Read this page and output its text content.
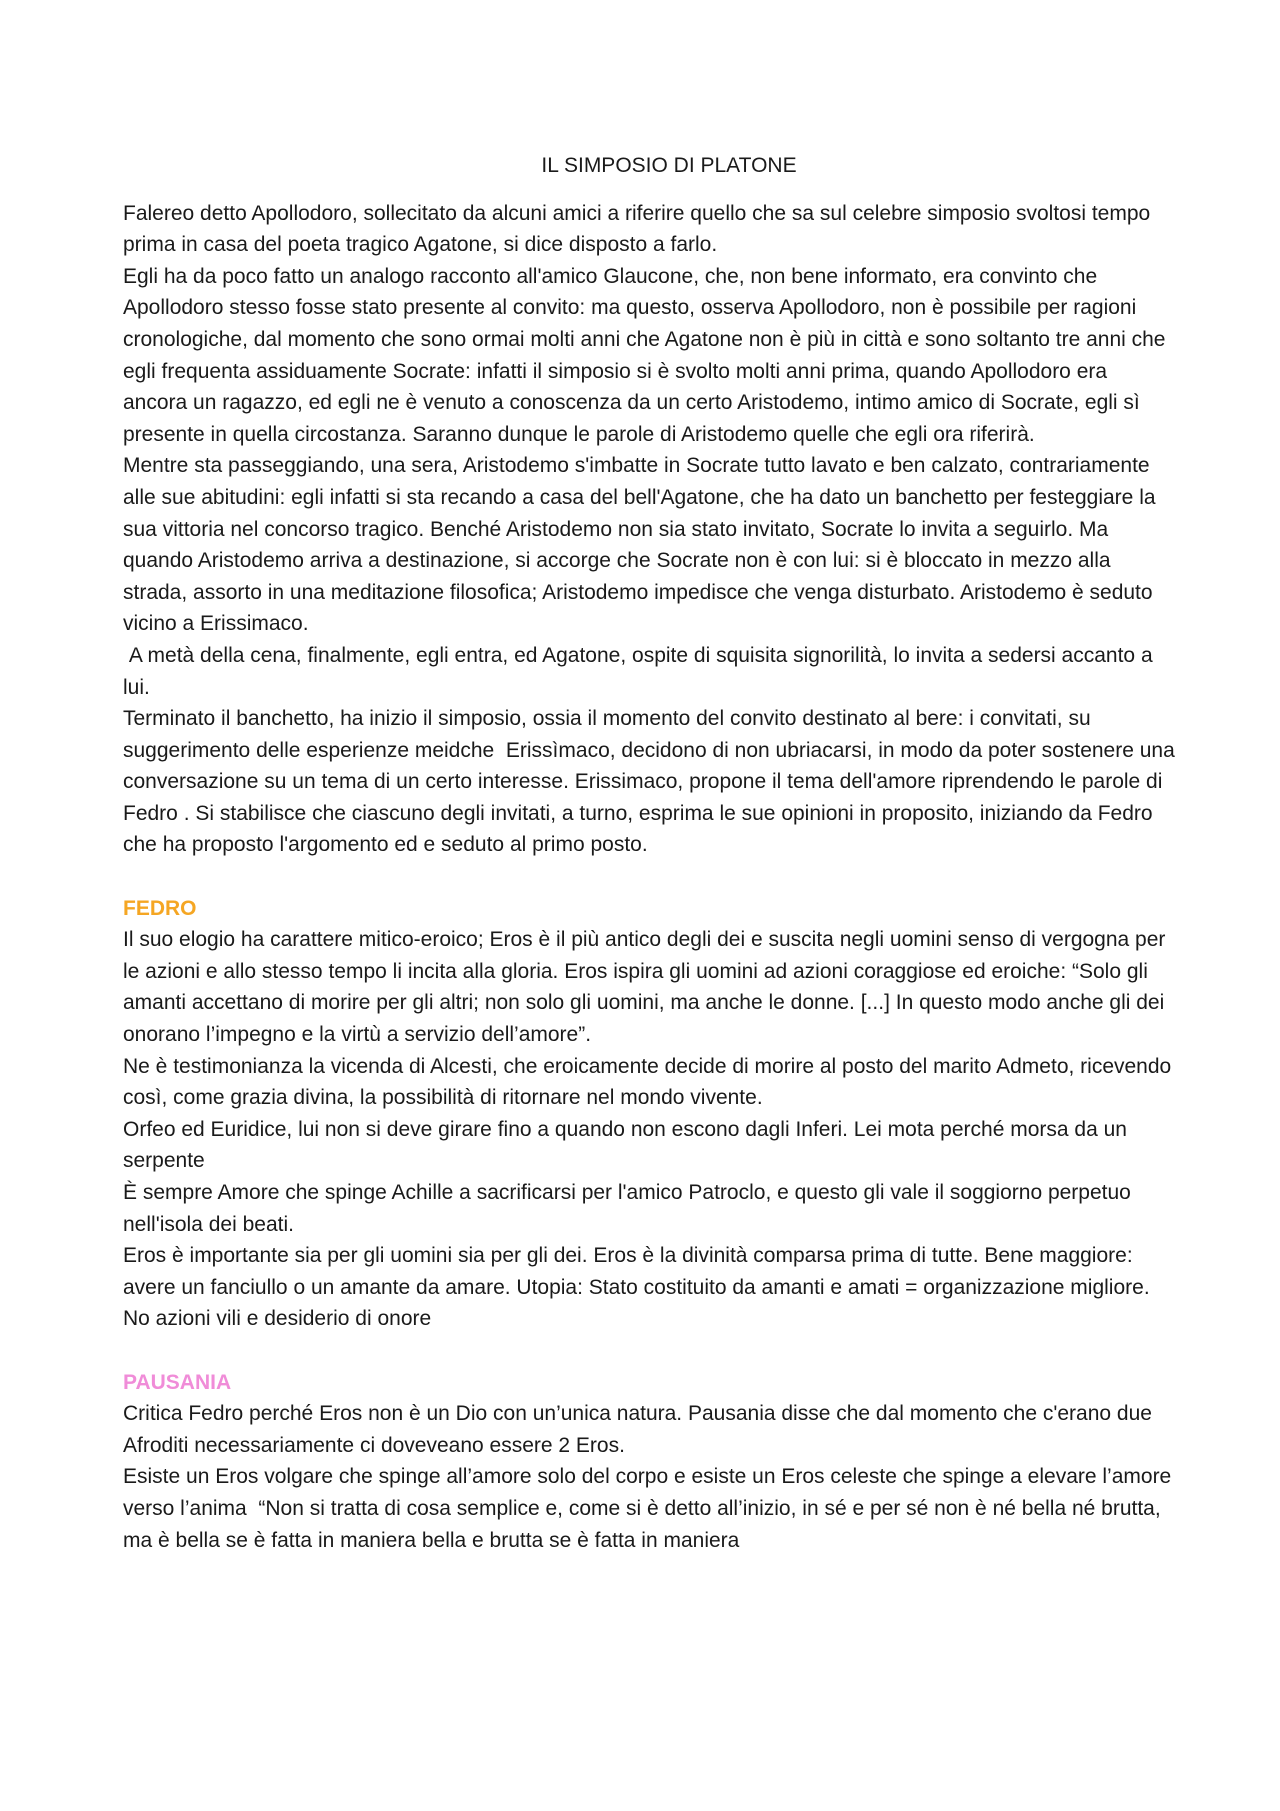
IL SIMPOSIO DI PLATONE

Falereo detto Apollodoro, sollecitato da alcuni amici a riferire quello che sa sul celebre simposio svoltosi tempo prima in casa del poeta tragico Agatone, si dice disposto a farlo.

Egli ha da poco fatto un analogo racconto all'amico Glaucone, che, non bene informato, era convinto che Apollodoro stesso fosse stato presente al convito: ma questo, osserva Apollodoro, non è possibile per ragioni cronologiche, dal momento che sono ormai molti anni che Agatone non è più in città e sono soltanto tre anni che egli frequenta assiduamente Socrate: infatti il simposio si è svolto molti anni prima, quando Apollodoro era ancora un ragazzo, ed egli ne è venuto a conoscenza da un certo Aristodemo, intimo amico di Socrate, egli sì presente in quella circostanza. Saranno dunque le parole di Aristodemo quelle che egli ora riferirà.

Mentre sta passeggiando, una sera, Aristodemo s'imbatte in Socrate tutto lavato e ben calzato, contrariamente alle sue abitudini: egli infatti si sta recando a casa del bell'Agatone, che ha dato un banchetto per festeggiare la sua vittoria nel concorso tragico. Benché Aristodemo non sia stato invitato, Socrate lo invita a seguirlo. Ma quando Aristodemo arriva a destinazione, si accorge che Socrate non è con lui: si è bloccato in mezzo alla strada, assorto in una meditazione filosofica; Aristodemo impedisce che venga disturbato. Aristodemo è seduto vicino a Erissimaco.

A metà della cena, finalmente, egli entra, ed Agatone, ospite di squisita signorilità, lo invita a sedersi accanto a lui.

Terminato il banchetto, ha inizio il simposio, ossia il momento del convito destinato al bere: i convitati, su suggerimento delle esperienze meidche  Erissìmaco, decidono di non ubriacarsi, in modo da poter sostenere una conversazione su un tema di un certo interesse. Erissimaco, propone il tema dell'amore riprendendo le parole di Fedro . Si stabilisce che ciascuno degli invitati, a turno, esprima le sue opinioni in proposito, iniziando da Fedro che ha proposto l'argomento ed e seduto al primo posto.

FEDRO

Il suo elogio ha carattere mitico-eroico; Eros è il più antico degli dei e suscita negli uomini senso di vergogna per le azioni e allo stesso tempo li incita alla gloria. Eros ispira gli uomini ad azioni coraggiose ed eroiche: “Solo gli amanti accettano di morire per gli altri; non solo gli uomini, ma anche le donne. [...] In questo modo anche gli dei onorano l’impegno e la virtù a servizio dell’amore”.

Ne è testimonianza la vicenda di Alcesti, che eroicamente decide di morire al posto del marito Admeto, ricevendo così, come grazia divina, la possibilità di ritornare nel mondo vivente.

Orfeo ed Euridice, lui non si deve girare fino a quando non escono dagli Inferi. Lei mota perché morsa da un serpente

È sempre Amore che spinge Achille a sacrificarsi per l'amico Patroclo, e questo gli vale il soggiorno perpetuo nell'isola dei beati.

Eros è importante sia per gli uomini sia per gli dei. Eros è la divinità comparsa prima di tutte. Bene maggiore: avere un fanciullo o un amante da amare. Utopia: Stato costituito da amanti e amati = organizzazione migliore. No azioni vili e desiderio di onore

PAUSANIA

Critica Fedro perché Eros non è un Dio con un’unica natura. Pausania disse che dal momento che c'erano due Afroditi necessariamente ci doveveano essere 2 Eros.

Esiste un Eros volgare che spinge all’amore solo del corpo e esiste un Eros celeste che spinge a elevare l’amore verso l’anima  “Non si tratta di cosa semplice e, come si è detto all’inizio, in sé e per sé non è né bella né brutta, ma è bella se è fatta in maniera bella e brutta se è fatta in maniera
